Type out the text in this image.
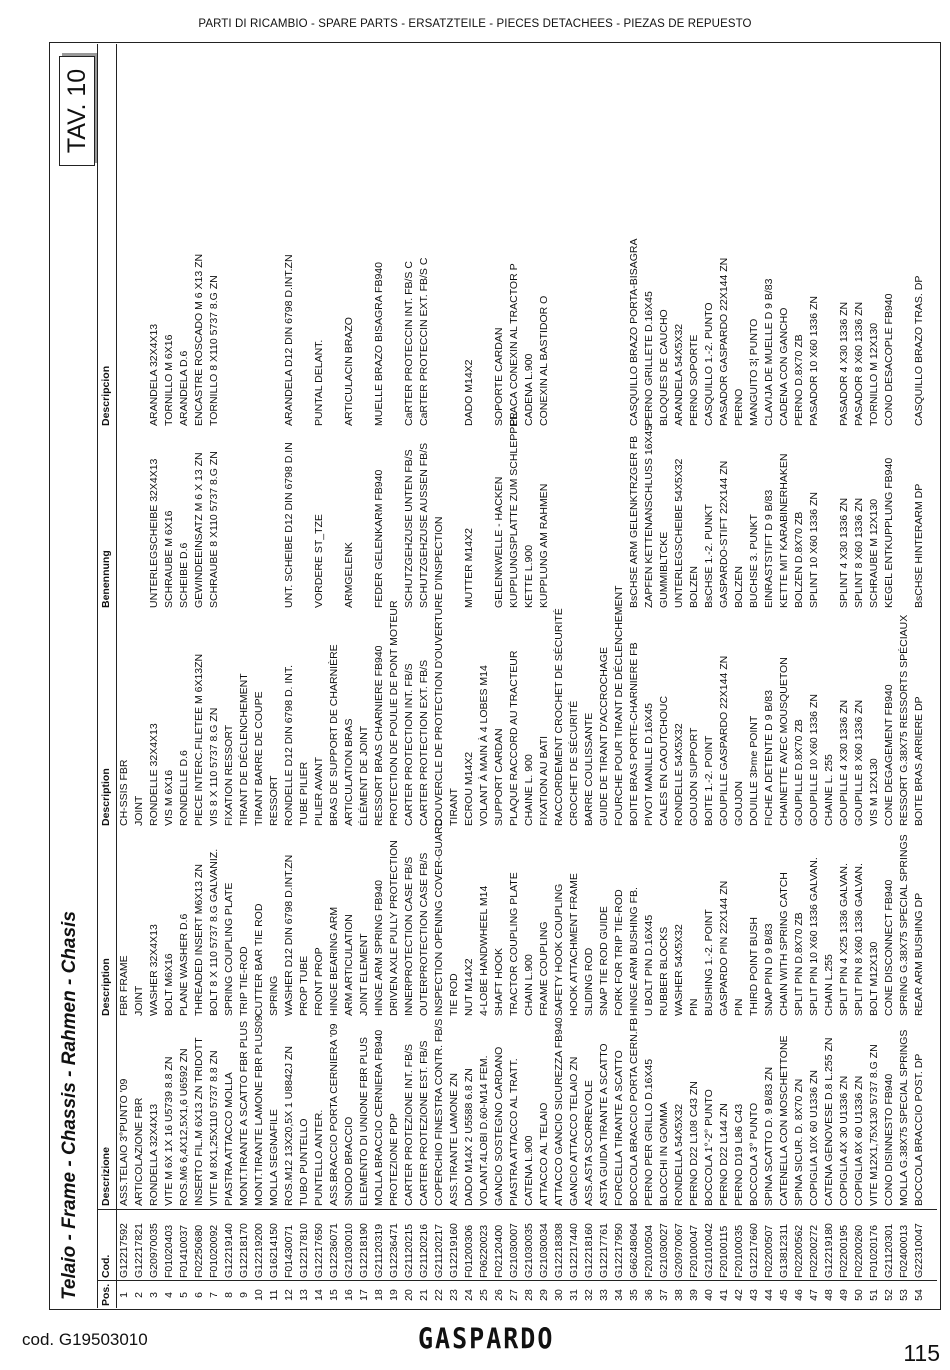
PARTI DI RICAMBIO - SPARE PARTS - ERSATZTEILE - PIECES DETACHEES - PIEZAS DE REPUESTO
Telaio - Frame - Chassis - Rahmen - Chasis
TAV. 10
Pos.
Cod.
Descrizione
Description
Description
Benennung
Descripcion
1
G12217592
ASS.TELAIO 3°PUNTO '09
FBR FRAME
CH-SSIS FBR
2
G12217821
ARTICOLAZIONE FBR
JOINT
JOINT
3
G20970035
RONDELLA 32X4X13
WASHER 32X4X13
RONDELLE 32X4X13
UNTERLEGSCHEIBE 32X4X13
ARANDELA 32X4X13
4
F01020403
VITE M 6X 1X 16 U5739 8.8 ZN
BOLT M6X16
VIS M 6X16
SCHRAUBE M 6X16
TORNILLO M 6X16
5
F01410037
ROS.M6 6,4X12,5X1,6 U6592 ZN
PLANE WASHER D.6
RONDELLE D.6
SCHEIBE D.6
ARANDELA D.6
6
F02250680
INSERTO FIL.M 6X13 ZN TRIDOTT
THREADED INSERT M6X13 ZN
PIECE INTERC.FILETEE M 6X13ZN
GEWINDEEINSATZ M 6 X 13 ZN
ENCASTRE ROSCADO M 6 X13 ZN
7
F01020092
VITE M 8X1,25X110 5737 8.8 ZN
BOLT 8 X 110 5737 8.G GALVANIZ.
VIS 8 X 110 5737 8.G ZN
SCHRAUBE 8 X110 5737 8.G ZN
TORNILLO 8 X110 5737 8.G ZN
8
G12219140
PIASTRA ATTACCO MOLLA
SPRING COUPLING PLATE
FIXATION RESSORT
9
G12218170
MONT.TIRANTE A SCATTO FBR PLUS
TRIP TIE-ROD
TIRANT DE DÉCLENCHEMENT
10
G12219200
MONT.TIRANTE LAMONE FBR PLUS09
CUTTER BAR TIE ROD
TIRANT BARRE DE COUPE
11
G16214150
MOLLA SEGNAFILE
SPRING
RESSORT
12
F01430071
ROS.M12 13X20,5X 1 U8842J ZN
WASHER D12 DIN 6798 D.INT.ZN
RONDELLE D12 DIN 6798 D. INT.
UNT. SCHEIBE D12 DIN 6798 D.IN
ARANDELA D12 DIN 6798 D.INT.ZN
13
G12217810
TUBO PUNTELLO
PROP TUBE
TUBE PILIER
14
G12217650
PUNTELLO ANTER.
FRONT PROP
PILIER AVANT
VORDERE ST_TZE
PUNTAL DELANT.
15
G12236071
ASS.BRACCIO PORTA CERNIERA '09
HINGE BEARING ARM
BRAS DE SUPPORT DE CHARNIÈRE
16
G21030010
SNODO BRACCIO
ARM ARTICULATION
ARTICULATION BRAS
ARMGELENK
ARTICULACIN BRAZO
17
G12218190
ELEMENTO DI UNIONE FBR PLUS
JOINT ELEMENT
ÉLÉMENT DE JOINT
18
G21120319
MOLLA BRACCIO CERNIERA FB940
HINGE ARM SPRING FB940
RESSORT BRAS CHARNIERE FB940
FEDER GELENKARM FB940
MUELLE BRAZO BISAGRA FB940
19
G12236471
PROTEZIONE PDP
DRIVEN AXLE PULLY PROTECTION
PROTECTION DE POULIE DE PONT MOTEUR
20
G21120215
CARTER PROTEZIONE INT. FB/S
INNERPROTECTION CASE FB/S
CARTER PROTECTION INT. FB/S
SCHUTZGEHZUSE UNTEN FB/S
CaRTER PROTECCIN INT. FB/S C
21
G21120216
CARTER PROTEZIONE EST. FB/S
OUTERPROTECTION CASE FB/S
CARTER PROTECTION EXT. FB/S
SCHUTZGEHZUSE AUSSEN FB/S
CaRTER PROTECCIN EXT. FB/S C
22
G21120217
COPERCHIO FINESTRA CONTR. FB/S
INSPECTION OPENING COVER-GUARD
COUVERCLE DE PROTECTION D'OUVERTURE D'INSPECTION
23
G12219160
ASS.TIRANTE LAMONE ZN
TIE ROD
TIRANT
24
F01200306
DADO M14X 2 U5588 6.8 ZN
NUT M14X2
ECROU M14X2
MUTTER M14X2
DADO M14X2
25
F06220023
VOLANT.4LOBI D.60-M14 FEM.
4-LOBE HANDWHEEL M14
VOLANT À MAIN À 4 LOBES M14
26
F02120400
GANCIO SOSTEGNO CARDANO
SHAFT HOOK
SUPPORT CARDAN
GELENKWELLE - HACKEN
SOPORTE CARDAN
27
G21030007
PIASTRA ATTACCO AL TRATT.
TRACTOR COUPLING PLATE
PLAQUE RACCORD AU TRACTEUR
KUPPLUNGSPLATTE ZUM SCHLEPPER
PLACA CONEXIN AL TRACTOR P
28
G21030035
CATENA L.900
CHAIN L.900
CHAINE L. 900
KETTE L.900
CADENA L.900
29
G21030034
ATTACCO AL TELAIO
FRAME COUPLING
FIXATION AU BATI
KUPPLUNG AM RAHMEN
CONEXIN AL BASTIDOR O
30
G12218308
ATTACCO GANCIO SICUREZZA FB940
SAFETY HOOK COUPLING
RACCORDEMENT CROCHET DE SÉCURITÉ
31
G12217440
GANCIO ATTACCO TELAIO ZN
HOOK ATTACHMENT FRAME
CROCHET DE SÉCURITÉ
32
G12218160
ASS.ASTA SCORREVOLE
SLIDING ROD
BARRE COULISSANTE
33
G12217761
ASTA GUIDA TIRANTE A SCATTO
SNAP TIE ROD GUIDE
GUIDE DE TIRANT D'ACCROCHAGE
34
G12217950
FORCELLA TIRANTE A SCATTO
FORK FOR TRIP TIE-ROD
FOURCHE POUR TIRANT DE DÉCLENCHEMENT
35
G66248064
BOCCOLA BRACCIO PORTA CERN.FB
HINGE ARM BUSHING FB.
BOITE BRAS PORTE-CHARNIERE FB
BsCHSE ARM GELENKTRZGER FB
CASQUILLO BRAZO PORTA-BISAGRA
36
F20100504
PERNO PER GRILLO D.16X45
U BOLT PIN D.16X45
PIVOT MANILLE D.16X45
ZAPFEN KETTENANSCHLUSS 16X45
PERNO GRILLETE D.16X45
37
G21030027
BLOCCHI IN GOMMA
RUBBER BLOCKS
CALES EN CAOUTCHOUC
GUMMIBLTCKE
BLOQUES DE CAUCHO
38
G20970067
RONDELLA 54X5X32
WASHER 54X5X32
RONDELLE 54X5X32
UNTERLEGSCHEIBE 54X5X32
ARANDELA 54X5X32
39
F20100047
PERNO D22 L108 C43 ZN
PIN
GOUJON SUPPORT
BOLZEN
PERNO SOPORTE
40
G21010042
BOCCOLA 1°-2° PUNTO
BUSHING 1.-2. POINT
BOITE 1.-2. POINT
BsCHSE 1.-2. PUNKT
CASQUILLO 1.-2. PUNTO
41
F20100115
PERNO D22 L144 ZN
GASPARDO PIN 22X144 ZN
GOUPILLE GASPARDO 22X144 ZN
GASPARDO-STIFT 22X144 ZN
PASADOR GASPARDO 22X144 ZN
42
F20100035
PERNO D19 L86 C43
PIN
GOUJON
BOLZEN
PERNO
43
G12217660
BOCCOLA 3° PUNTO
THIRD POINT BUSH
DOUILLE 3Þme POINT
BUCHSE 3. PUNKT
MANGUITO 3¦ PUNTO
44
F02200507
SPINA SCATTO D. 9 B/83 ZN
SNAP PIN D 9 B/83
FICHE A DETENTE D 9 B/83
EINRASTSTIFT D 9 B/83
CLAVIJA DE MUELLE D 9 B/83
45
G13812311
CATENELLA CON MOSCHETTONE
CHAIN WITH SPRING CATCH
CHAINETTE AVEC MOUSQUETON
KETTE MIT KARABINERHAKEN
CADENA CON GANCHO
46
F02200562
SPINA SICUR. D. 8X70 ZN
SPLIT PIN D.8X70 ZB
GOUPILLE D.8X70 ZB
BOLZEN D.8X70 ZB
PERNO D.8X70 ZB
47
F02200272
COPIGLIA 10X 60 U1336 ZN
SPLIT PIN 10 X60 1336 GALVAN.
GOUPILLE 10 X60 1336 ZN
SPLINT 10 X60 1336 ZN
PASADOR 10 X60 1336 ZN
48
G12219180
CATENA GENOVESE D.8 L.255 ZN
CHAIN L.255
CHAINE L. 255
49
F02200195
COPIGLIA 4X 30 U1336 ZN
SPLIT PIN 4 X25 1336 GALVAN.
GOUPILLE 4 X30 1336 ZN
SPLINT 4 X30 1336 ZN
PASADOR 4 X30 1336 ZN
50
F02200260
COPIGLIA 8X 60 U1336 ZN
SPLIT PIN 8 X60 1336 GALVAN.
GOUPILLE 8 X60 1336 ZN
SPLINT 8 X60 1336 ZN
PASADOR 8 X60 1336 ZN
51
F01020176
VITE M12X1,75X130 5737 8.G ZN
BOLT M12X130
VIS M 12X130
SCHRAUBE M 12X130
TORNILLO M 12X130
52
G21120301
CONO DISINNESTO FB940
CONE DISCONNECT FB940
CONE DEGAGEMENT FB940
KEGEL ENTKUPPLUNG FB940
CONO DESACOPLE FB940
53
F02400013
MOLLA G.38X75 SPECIAL SPRINGS
SPRING G.38X75 SPECIAL SPRINGS
RESSORT G.38X75 RESSORTS SPÉCIAUX
54
G22310047
BOCCOLA BRACCIO POST. DP
REAR ARM BUSHING DP
BOITE BRAS ARRIERE DP
BsCHSE HINTERARM DP
CASQUILLO BRAZO TRAS. DP
cod. G19503010	GASPARDO	115
